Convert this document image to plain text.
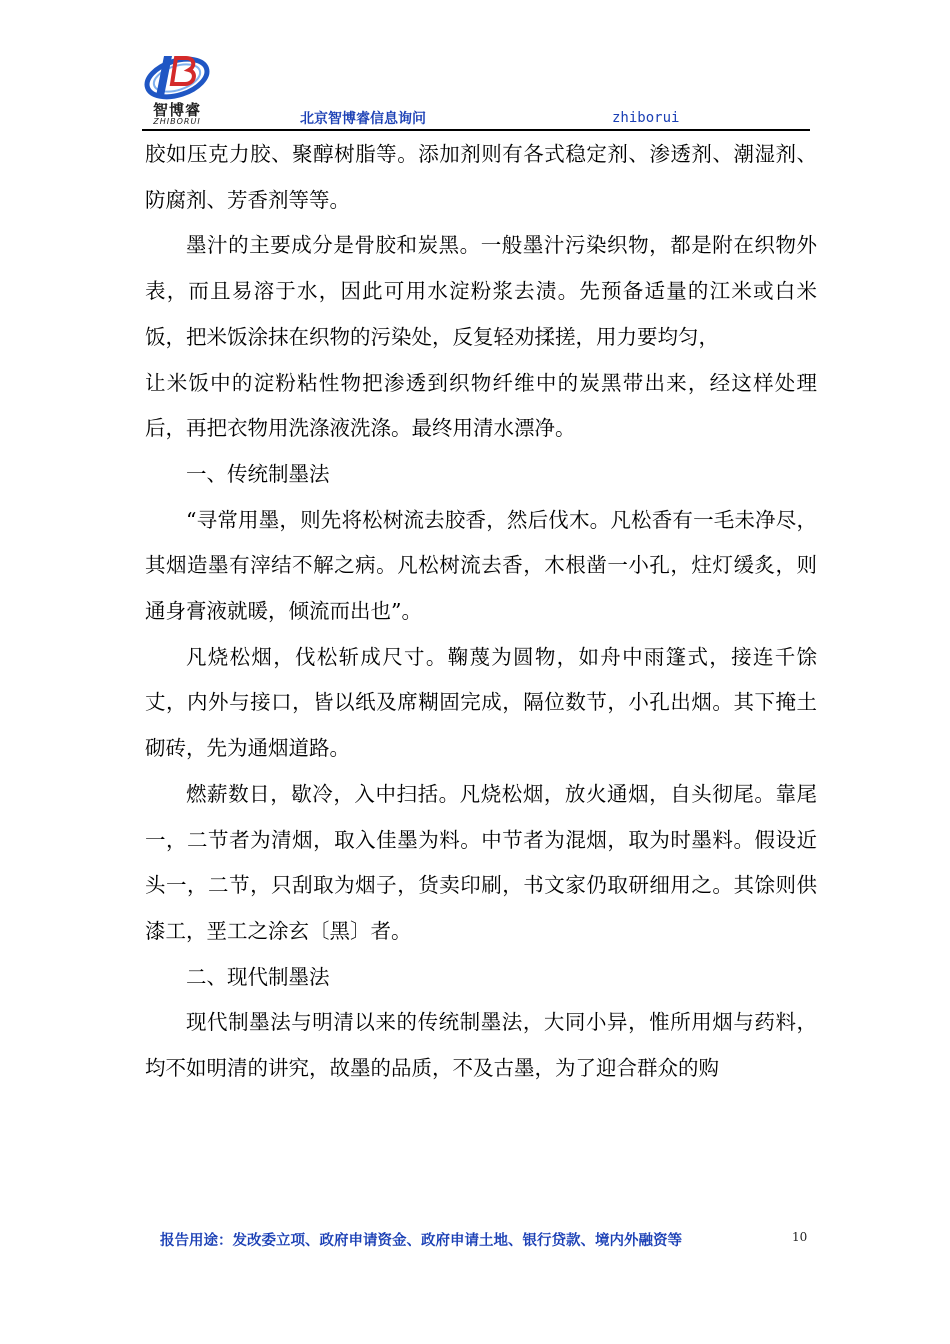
智博睿
ZHIBORUI	北京智博睿信息询问	zhiborui

胶如压克力胶、聚醇树脂等。添加剂则有各式稳定剂、渗透剂、潮湿剂、防腐剂、芳香剂等等。

墨汁的主要成分是骨胶和炭黑。一般墨汁污染织物，都是附在织物外表，而且易溶于水，因此可用水淀粉浆去渍。先预备适量的江米或白米饭，把米饭涂抹在织物的污染处，反复轻劝揉搓，用力要均匀，

让米饭中的淀粉粘性物把渗透到织物纤维中的炭黑带出来，经这样处理后，再把衣物用洗涤液洗涤。最终用清水漂净。

一、传统制墨法

“寻常用墨，则先将松树流去胶香，然后伐木。凡松香有一毛未净尽，其烟造墨有滓结不解之病。凡松树流去香，木根凿一小孔，炷灯缓炙，则通身膏液就暖，倾流而出也”。

凡烧松烟，伐松斩成尺寸。鞠蔑为圆物，如舟中雨篷式，接连千馀丈，内外与接口，皆以纸及席糊固完成，隔位数节，小孔出烟。其下掩土砌砖，先为通烟道路。

燃薪数日，歇冷，入中扫括。凡烧松烟，放火通烟，自头彻尾。靠尾一，二节者为清烟，取入佳墨为料。中节者为混烟，取为时墨料。假设近头一，二节，只刮取为烟子，货卖印刷，书文家仍取研细用之。其馀则供漆工，垩工之涂玄〔黑〕者。

二、现代制墨法

现代制墨法与明清以来的传统制墨法，大同小异，惟所用烟与药料，均不如明清的讲究，故墨的品质，不及古墨，为了迎合群众的购

报告用途：发改委立项、政府申请资金、政府申请土地、银行贷款、境内外融资等	10
